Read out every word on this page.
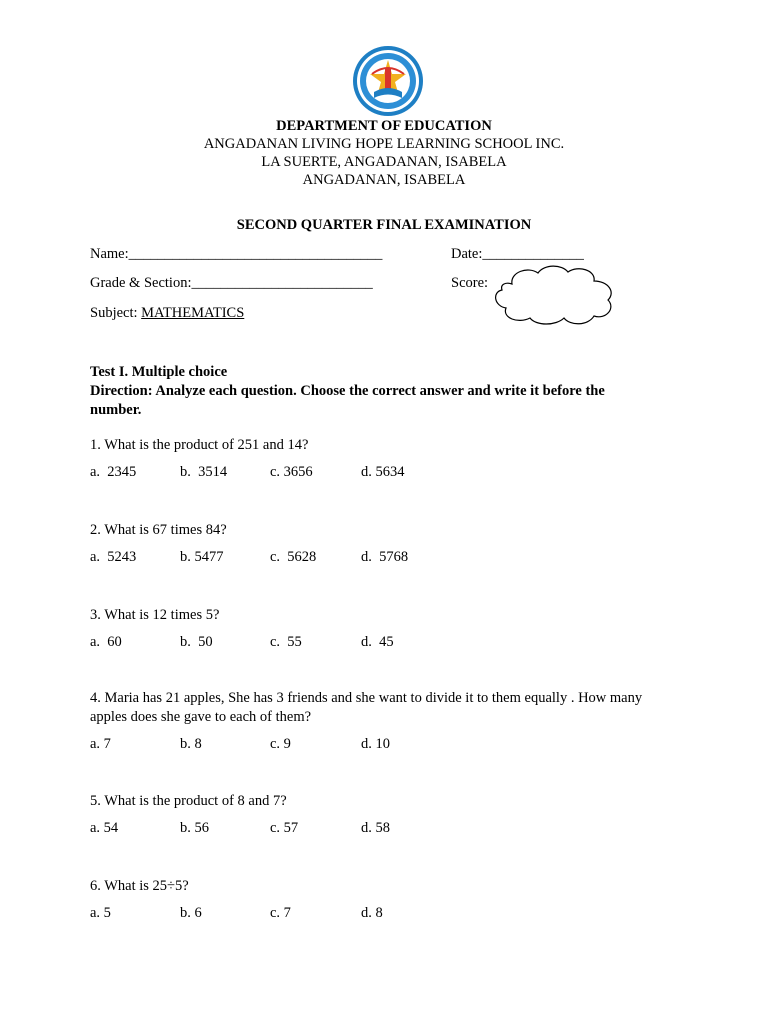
DEPARTMENT OF EDUCATION
ANGADANAN LIVING HOPE LEARNING SCHOOL INC.
LA SUERTE, ANGADANAN, ISABELA
ANGADANAN, ISABELA
SECOND QUARTER FINAL EXAMINATION
Name:___________________________________	Date:______________
Grade & Section:_________________________	Score:
Subject: MATHEMATICS
Test I. Multiple choice
Direction: Analyze each question. Choose the correct answer and write it before the number.
1. What is the product of 251 and 14?
a.  2345	b.  3514	c. 3656	d. 5634
2. What is 67 times 84?
a.  5243	b. 5477	c.  5628	d.  5768
3. What is 12 times 5?
a.  60	b.  50	c.  55	d.  45
4. Maria has 21 apples, She has 3 friends and she want to divide it to them equally . How many apples does she gave to each of them?
a. 7	b. 8	c. 9	d. 10
5. What is the product of 8 and 7?
a. 54	b. 56	c. 57	d. 58
6. What is 25÷5?
a. 5	b. 6	c. 7	d. 8
